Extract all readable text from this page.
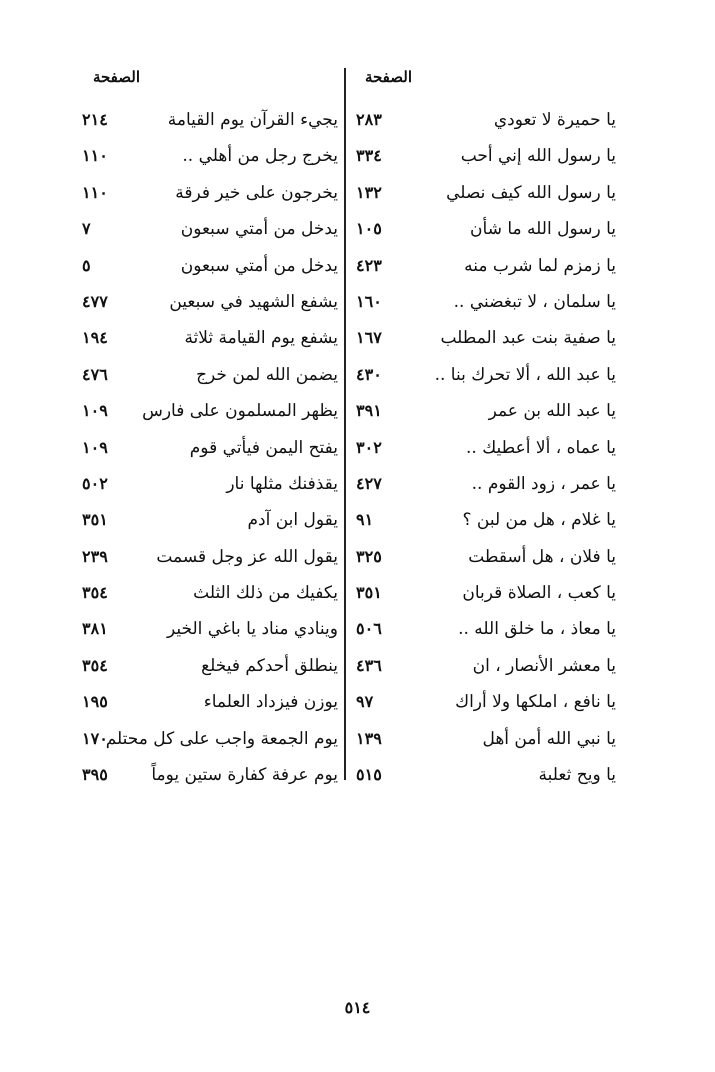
الصفحة
يا حميرة لا تعودي
٢٨٣
يا رسول الله إني أحب
٣٣٤
يا رسول الله كيف نصلي
١٣٢
يا رسول الله ما شأن
١٠٥
يا زمزم لما شرب منه
٤٢٣
يا سلمان ، لا تبغضني ..
١٦٠
يا صفية بنت عبد المطلب
١٦٧
يا عبد الله ، ألا تحرك بنا ..
٤٣٠
يا عبد الله بن عمر
٣٩١
يا عماه ، ألا أعطيك ..
٣٠٢
يا عمر ، زود القوم ..
٤٢٧
يا غلام ، هل من لبن ؟
٩١
يا فلان ، هل أسقطت
٣٢٥
يا كعب ، الصلاة قربان
٣٥١
يا معاذ ، ما خلق الله ..
٥٠٦
يا معشر الأنصار ، ان
٤٣٦
يا نافع ، املكها ولا أراك
٩٧
يا نبي الله أمن أهل
١٣٩
يا ويح ثعلبة
٥١٥
الصفحة
يجيء القرآن يوم القيامة
٢١٤
يخرج رجل من أهلي ..
١١٠
يخرجون على خير فرقة
١١٠
يدخل من أمتي سبعون
٧
يدخل من أمتي سبعون
٥
يشفع الشهيد في سبعين
٤٧٧
يشفع يوم القيامة ثلاثة
١٩٤
يضمن الله لمن خرج
٤٧٦
يظهر المسلمون على فارس
١٠٩
يفتح اليمن فيأتي قوم
١٠٩
يقذفنك مثلها نار
٥٠٢
يقول ابن آدم
٣٥١
يقول الله عز وجل قسمت
٢٣٩
يكفيك من ذلك الثلث
٣٥٤
وينادي مناد يا باغي الخير
٣٨١
ينطلق أحدكم فيخلع
٣٥٤
يوزن فيزداد العلماء
١٩٥
يوم الجمعة واجب على كل محتلم
١٧٠
يوم عرفة كفارة ستين يوماً
٣٩٥
٥١٤
